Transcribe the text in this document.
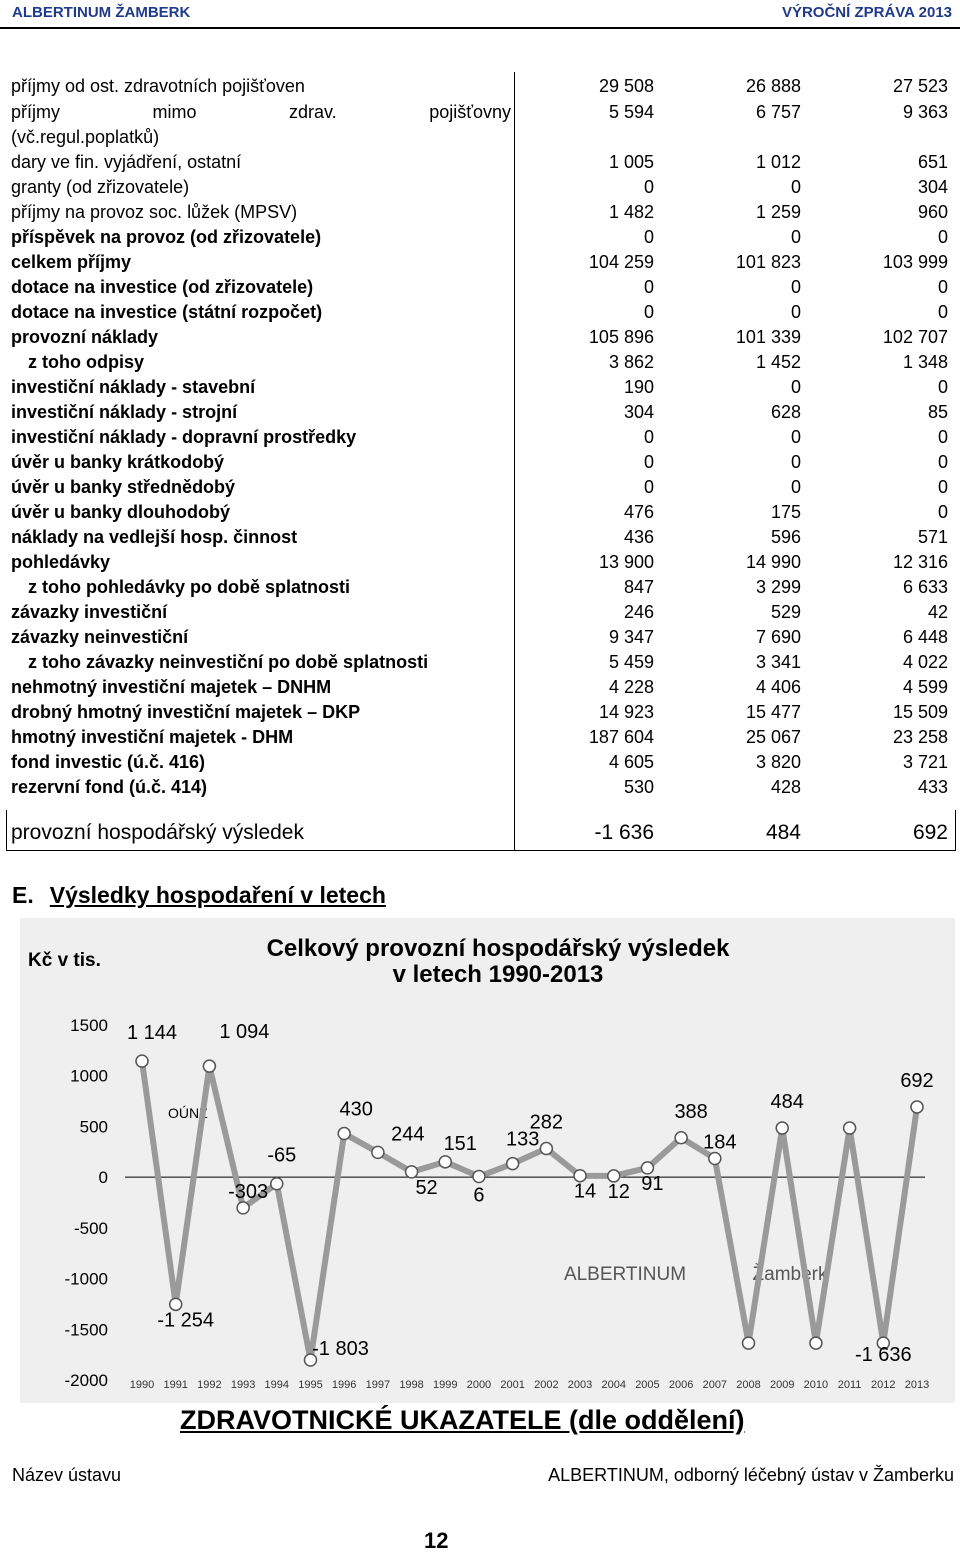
ALBERTINUM ŽAMBERK	VÝROČNÍ ZPRÁVA 2013
příjmy od ost. zdravotních pojišťoven	29 508	26 888	27 523
příjmy	mimo	zdrav.	pojišťovny	5 594	6 757	9 363
(vč.regul.poplatků)
dary ve fin. vyjádření, ostatní	1 005	1 012	651
granty (od zřizovatele)	0	0	304
příjmy na provoz soc. lůžek (MPSV)	1 482	1 259	960
příspěvek na provoz (od zřizovatele)	0	0	0
celkem příjmy	104 259	101 823	103 999
dotace na investice (od zřizovatele)	0	0	0
dotace na investice (státní rozpočet)	0	0	0
provozní náklady	105 896	101 339	102 707
z toho odpisy	3 862	1 452	1 348
investiční náklady - stavební	190	0	0
investiční náklady - strojní	304	628	85
investiční náklady - dopravní prostředky	0	0	0
úvěr u banky krátkodobý	0	0	0
úvěr u banky střednědobý	0	0	0
úvěr u banky dlouhodobý	476	175	0
náklady na vedlejší hosp. činnost	436	596	571
pohledávky	13 900	14 990	12 316
z toho pohledávky po době splatnosti	847	3 299	6 633
závazky investiční	246	529	42
závazky neinvestiční	9 347	7 690	6 448
z toho závazky neinvestiční po době splatnosti	5 459	3 341	4 022
nehmotný investiční majetek – DNHM	4 228	4 406	4 599
drobný hmotný investiční majetek – DKP	14 923	15 477	15 509
hmotný investiční majetek - DHM	187 604	25 067	23 258
fond investic (ú.č. 416)	4 605	3 820	3 721
rezervní fond (ú.č. 414)	530	428	433
provozní hospodářský výsledek	-1 636	484	692
E. Výsledky hospodaření v letech
Celkový provozní hospodářský výsledek
v letech 1990-2013
Kč v tis.
1500
1000
500
0
-500
-1000
-1500
-2000
ALBERTINUM	Žamberk
OÚNZ
1 144
-1 254
1 094
-303
-65
-1 803
430
244
52
151
6
133
282
14 12 91
388
184
484
-1 636
692
1990 1991 1992 1993 1994 1995 1996 1997 1998 1999 2000 2001 2002 2003 2004 2005 2006 2007 2008 2009 2010 2011 2012 2013
ZDRAVOTNICKÉ UKAZATELE (dle oddělení)
Název ústavu	ALBERTINUM, odborný léčebný ústav v Žamberku
12
